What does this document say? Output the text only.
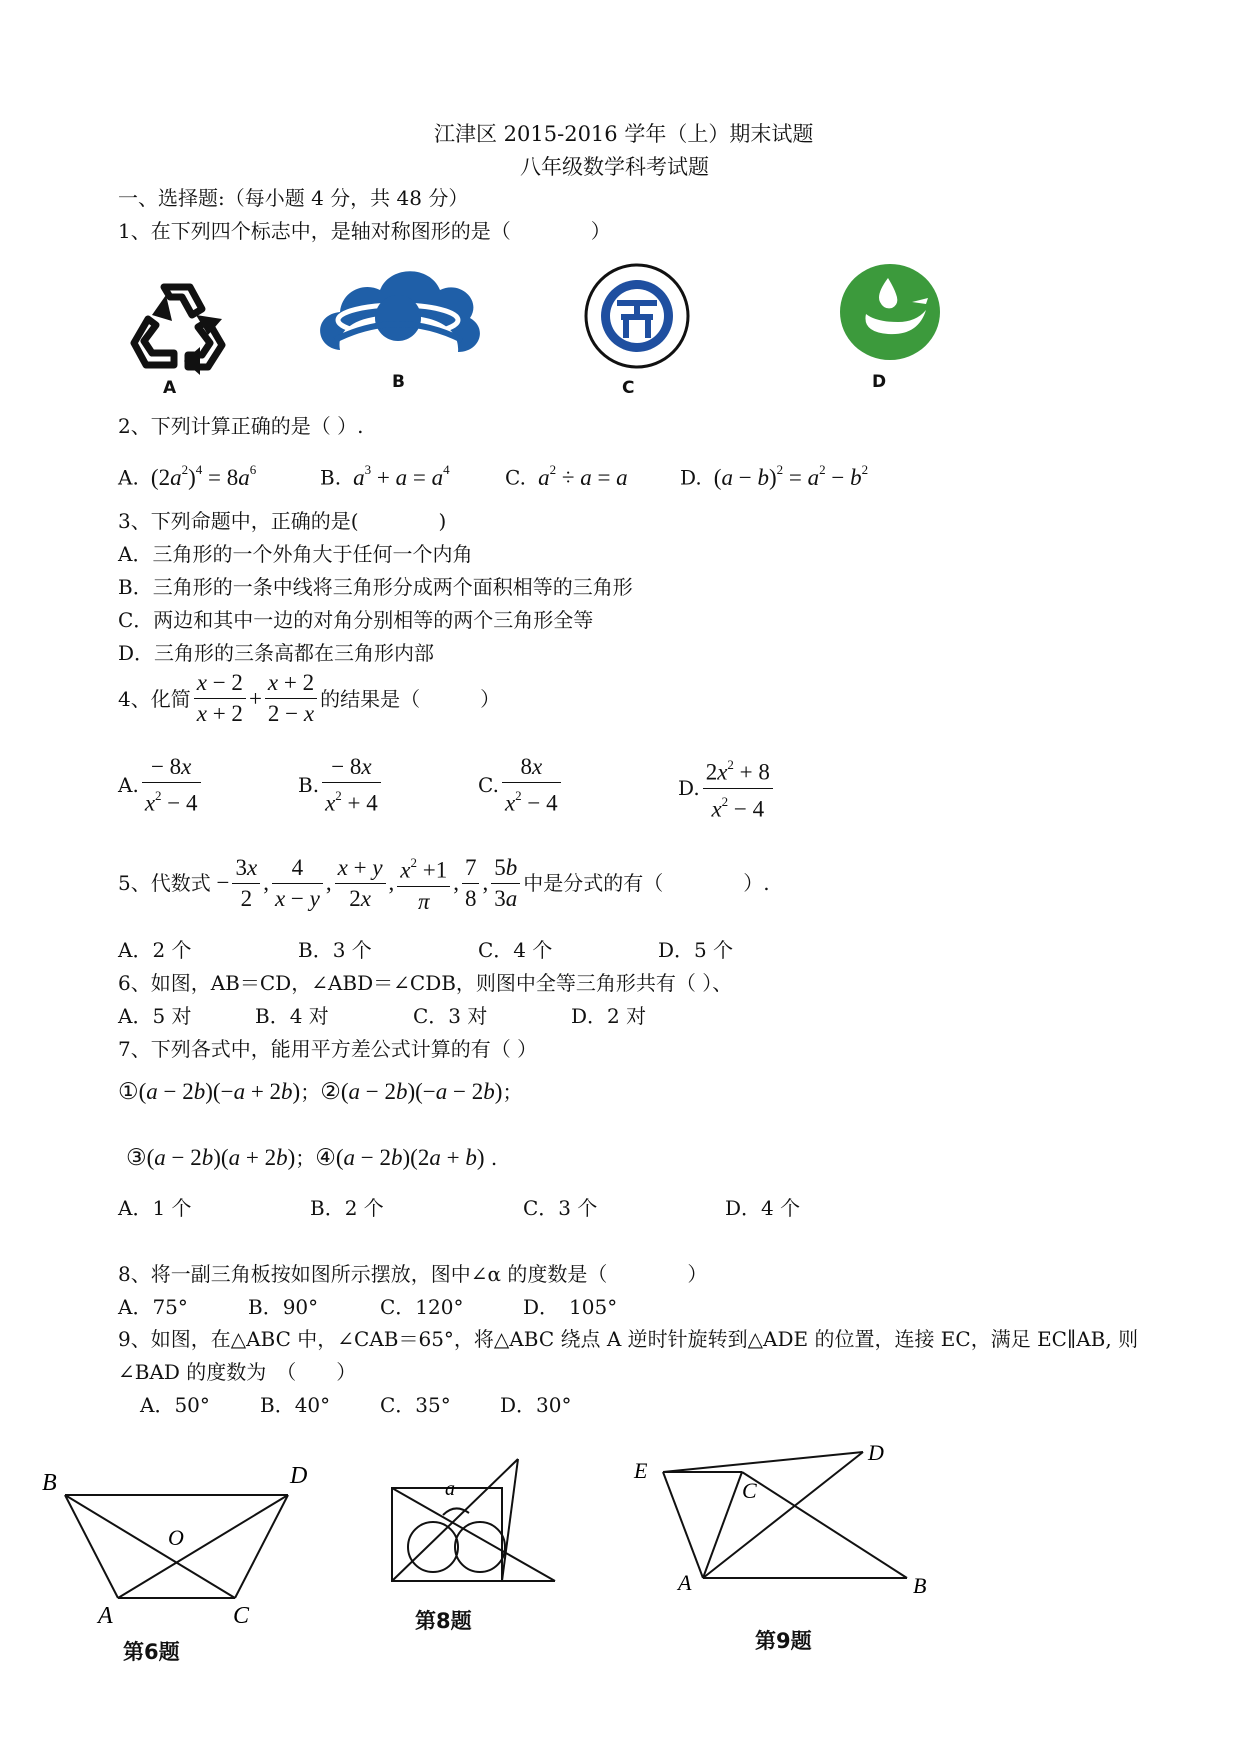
江津区 2015-2016 学年（上）期末试题
八年级数学科考试题
一、选择题:（每小题 4 分，共 48 分）
1、在下列四个标志中，是轴对称图形的是（　　　　）
A	B	C	D
2、下列计算正确的是（ ）.
A.  $(2a^2)^4 = 8a^6$	B. $a^3 + a = a^4$	C. $a^2 \div a = a$	D.  $(a - b)^2 = a^2 - b^2$
3、下列命题中，正确的是(　　　　)
A．三角形的一个外角大于任何一个内角
B．三角形的一条中线将三角形分成两个面积相等的三角形
C．两边和其中一边的对角分别相等的两个三角形全等
D．三角形的三条高都在三角形内部
4、化简 $\frac{x - 2}{x + 2} + \frac{x + 2}{2 - x}$ 的结果是（　　　）
A. $\frac{- 8x}{x^2 - 4}$	B. $\frac{- 8x}{x^2 + 4}$	C. $\frac{8x}{x^2 - 4}$	D. $\frac{2x^2 + 8}{x^2 - 4}$
5、代数式 − $\frac{3x}{2}$ , $\frac{4}{x - y}$ , $\frac{x + y}{2x}$ , $\frac{x^2 +1}{\pi}$ , $\frac{7}{8}$ , $\frac{5b}{3a}$ 中是分式的有（　　　　）.
A．2 个	B．3 个	C．4 个	D．5 个
6、如图，AB＝CD，∠ABD＝∠CDB，则图中全等三角形共有（ ）、
A．5 对	B．4 对	C．3 对	D．2 对
7、下列各式中，能用平方差公式计算的有（ ）
①(a − 2b)(−a + 2b)；②(a − 2b)(−a − 2b)；
③(a − 2b)(a + 2b)；④(a − 2b)(2a + b) .
A．1 个	B．2 个	C．3 个	D．4 个
8、将一副三角板按如图所示摆放，图中∠α 的度数是（　　　　）
A．75°	B．90°	C．120°	D．　105°
9、如图，在△ABC 中，∠CAB＝65°，将△ABC 绕点 A 逆时针旋转到△ADE 的位置，连接 EC，满足 EC∥AB, 则
∠BAD 的度数为　（　　）
A．50°	B．40° C．35° D．30°
B	D
O
A	C
第6题
a
第8题
E
D
C
A	B
第9题
